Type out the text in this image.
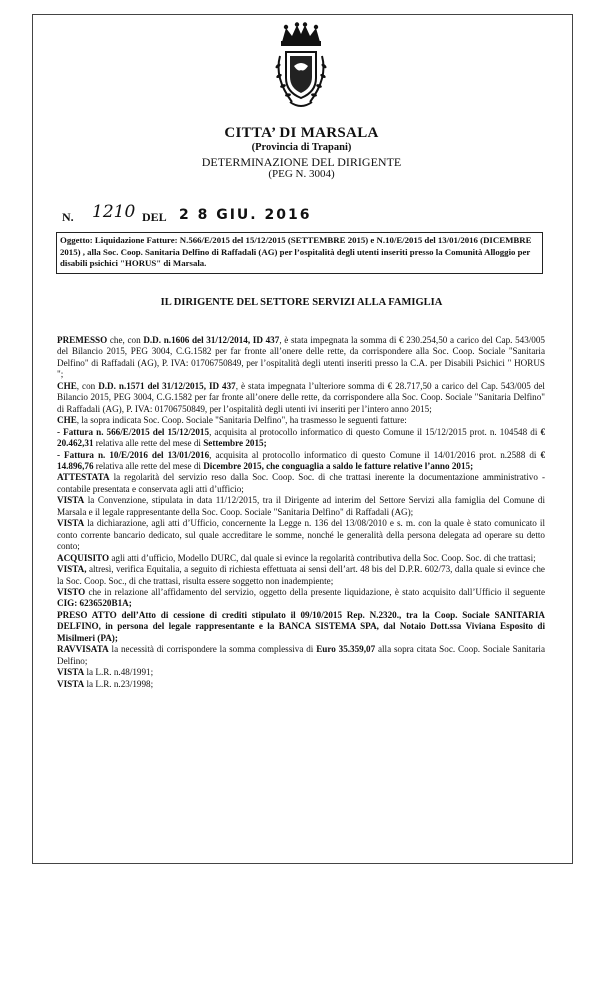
CITTA’ DI MARSALA
(Provincia di Trapani)
DETERMINAZIONE DEL DIRIGENTE
(PEG N. 3004)
N. 1210 DEL 2 8 GIU. 2016
Oggetto: Liquidazione Fatture: N.566/E/2015 del 15/12/2015 (SETTEMBRE 2015) e N.10/E/2015 del 13/01/2016 (DICEMBRE 2015) , alla Soc. Coop. Sanitaria Delfino di Raffadali (AG) per l’ospitalità degli utenti inseriti presso la Comunità Alloggio per disabili psichici "HORUS" di Marsala.
IL DIRIGENTE DEL SETTORE SERVIZI ALLA FAMIGLIA

PREMESSO che, con D.D. n.1606 del 31/12/2014, ID 437, è stata impegnata la somma di € 230.254,50 a carico del Cap. 543/005 del Bilancio 2015, PEG 3004, C.G.1582 per far fronte all’onere delle rette, da corrispondere alla Soc. Coop. Sociale "Sanitaria Delfino" di Raffadali (AG), P. IVA: 01706750849, per l’ospitalità degli utenti inseriti presso la C.A. per Disabili Psichici " HORUS ";

CHE, con D.D. n.1571 del 31/12/2015, ID 437, è stata impegnata l’ulteriore somma di € 28.717,50 a carico del Cap. 543/005 del Bilancio 2015, PEG 3004, C.G.1582 per far fronte all’onere delle rette, da corrispondere alla Soc. Coop. Sociale "Sanitaria Delfino" di Raffadali (AG), P. IVA: 01706750849, per l’ospitalità degli utenti ivi inseriti per l’intero anno 2015;

CHE, la sopra indicata Soc. Coop. Sociale "Sanitaria Delfino", ha trasmesso le seguenti fatture:

- Fattura n. 566/E/2015 del 15/12/2015, acquisita al protocollo informatico di questo Comune il 15/12/2015 prot. n. 104548 di € 20.462,31 relativa alle rette del mese di Settembre 2015;

- Fattura n. 10/E/2016 del 13/01/2016, acquisita al protocollo informatico di questo Comune il 14/01/2016 prot. n.2588 di € 14.896,76 relativa alle rette del mese di Dicembre 2015, che conguaglia a saldo le fatture relative l’anno 2015;

ATTESTATA la regolarità del servizio reso dalla Soc. Coop. Soc. di che trattasi inerente la documentazione amministrativo - contabile presentata e conservata agli atti d’ufficio;

VISTA la Convenzione, stipulata in data 11/12/2015, tra il Dirigente ad interim del Settore Servizi alla famiglia del Comune di Marsala e il legale rappresentante della Soc. Coop. Sociale "Sanitaria Delfino" di Raffadali (AG);

VISTA la dichiarazione, agli atti d’Ufficio, concernente la Legge n. 136 del 13/08/2010 e s. m. con la quale è stato comunicato il conto corrente bancario dedicato, sul quale accreditare le somme, nonché le generalità della persona delegata ad operare su detto conto;

ACQUISITO agli atti d’ufficio, Modello DURC, dal quale si evince la regolarità contributiva della Soc. Coop. Soc. di che trattasi;

VISTA, altresì, verifica Equitalia, a seguito di richiesta effettuata ai sensi dell’art. 48 bis del D.P.R. 602/73, dalla quale si evince che la Soc. Coop. Soc., di che trattasi, risulta essere soggetto non inadempiente;

VISTO che in relazione all’affidamento del servizio, oggetto della presente liquidazione, è stato acquisito dall’Ufficio il seguente CIG: 6236520B1A;

PRESO ATTO dell’Atto di cessione di crediti stipulato il 09/10/2015 Rep. N.2320., tra la Coop. Sociale SANITARIA DELFINO, in persona del legale rappresentante e la BANCA SISTEMA SPA, dal Notaio Dott.ssa Viviana Esposito di Misilmeri (PA);

RAVVISATA la necessità di corrispondere la somma complessiva di Euro 35.359,07 alla sopra citata Soc. Coop. Sociale Sanitaria Delfino;

VISTA la L.R. n.48/1991;

VISTA la L.R. n.23/1998;
